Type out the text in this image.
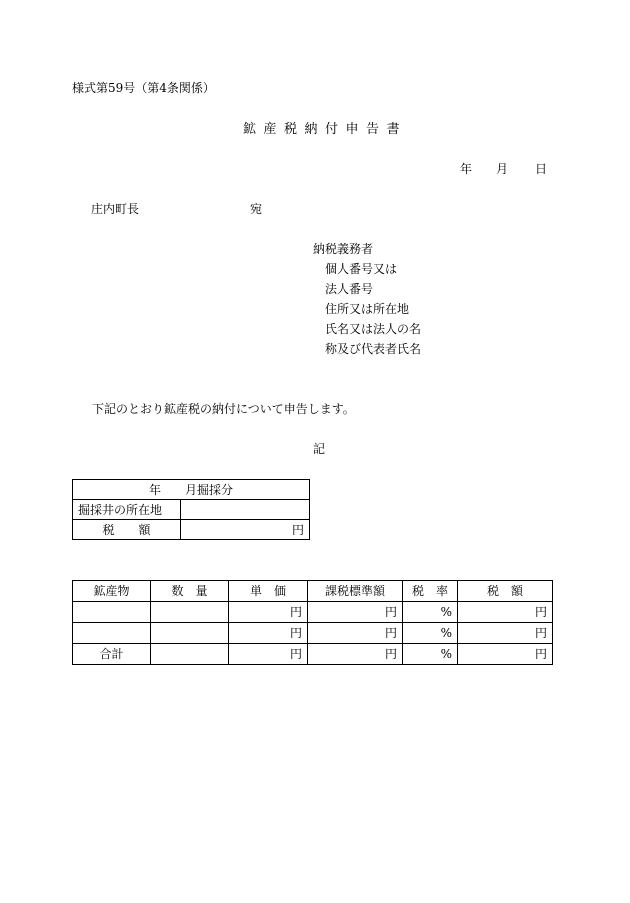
様式第59号（第4条関係）
鉱産税納付申告書
年 月 日
庄内町長	宛
納税義務者
個人番号又は
法人番号
住所又は所在地
氏名又は法人の名
称及び代表者氏名
下記のとおり鉱産税の納付について申告します。
記
年　　月掘採分	
掘採井の所在地	
税　　額	円
鉱産物	数　量	単　価	課税標準額	税　率	税　額
		円	円	%	円
		円	円	%	円
合計		円	円	%	円
